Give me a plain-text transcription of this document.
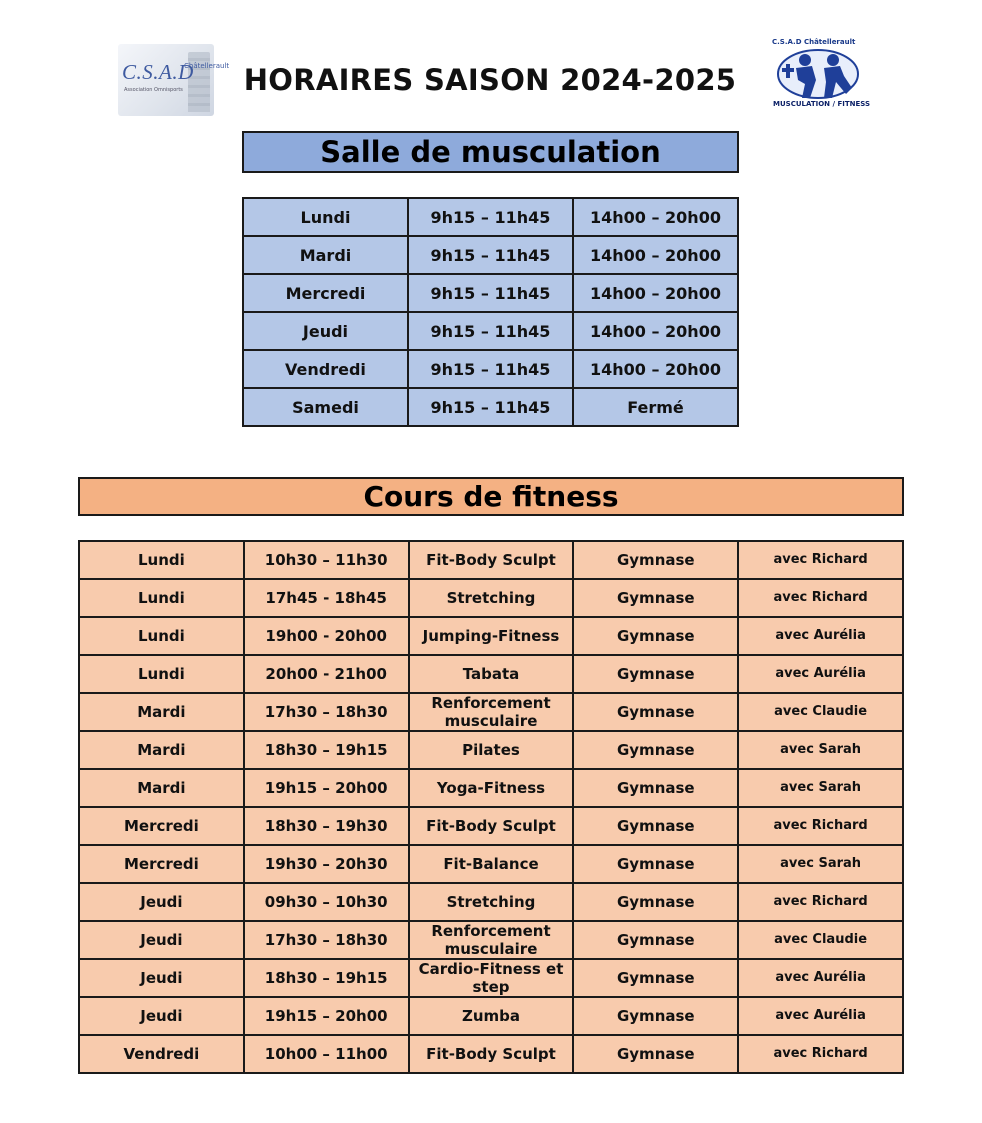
C.S.A.D
Châtellerault
Association Omnisports HORAIRES SAISON 2024-2025
C.S.A.D Châtellerault
MUSCULATION / FITNESS
Salle de musculation
Lundi	9h15 – 11h45	14h00 – 20h00
Mardi	9h15 – 11h45	14h00 – 20h00
Mercredi	9h15 – 11h45	14h00 – 20h00
Jeudi	9h15 – 11h45	14h00 – 20h00
Vendredi	9h15 – 11h45	14h00 – 20h00
Samedi	9h15 – 11h45	Fermé
Cours de fitness
Lundi	10h30 – 11h30	Fit-Body Sculpt	Gymnase	avec Richard
Lundi	17h45 - 18h45	Stretching	Gymnase	avec Richard
Lundi	19h00 - 20h00	Jumping-Fitness	Gymnase	avec Aurélia
Lundi	20h00 - 21h00	Tabata	Gymnase	avec Aurélia
Mardi	17h30 – 18h30	Renforcement musculaire	Gymnase	avec Claudie
Mardi	18h30 – 19h15	Pilates	Gymnase	avec Sarah
Mardi	19h15 – 20h00	Yoga-Fitness	Gymnase	avec Sarah
Mercredi	18h30 – 19h30	Fit-Body Sculpt	Gymnase	avec Richard
Mercredi	19h30 – 20h30	Fit-Balance	Gymnase	avec Sarah
Jeudi	09h30 – 10h30	Stretching	Gymnase	avec Richard
Jeudi	17h30 – 18h30	Renforcement musculaire	Gymnase	avec Claudie
Jeudi	18h30 – 19h15	Cardio-Fitness et step	Gymnase	avec Aurélia
Jeudi	19h15 – 20h00	Zumba	Gymnase	avec Aurélia
Vendredi	10h00 – 11h00	Fit-Body Sculpt	Gymnase	avec Richard
